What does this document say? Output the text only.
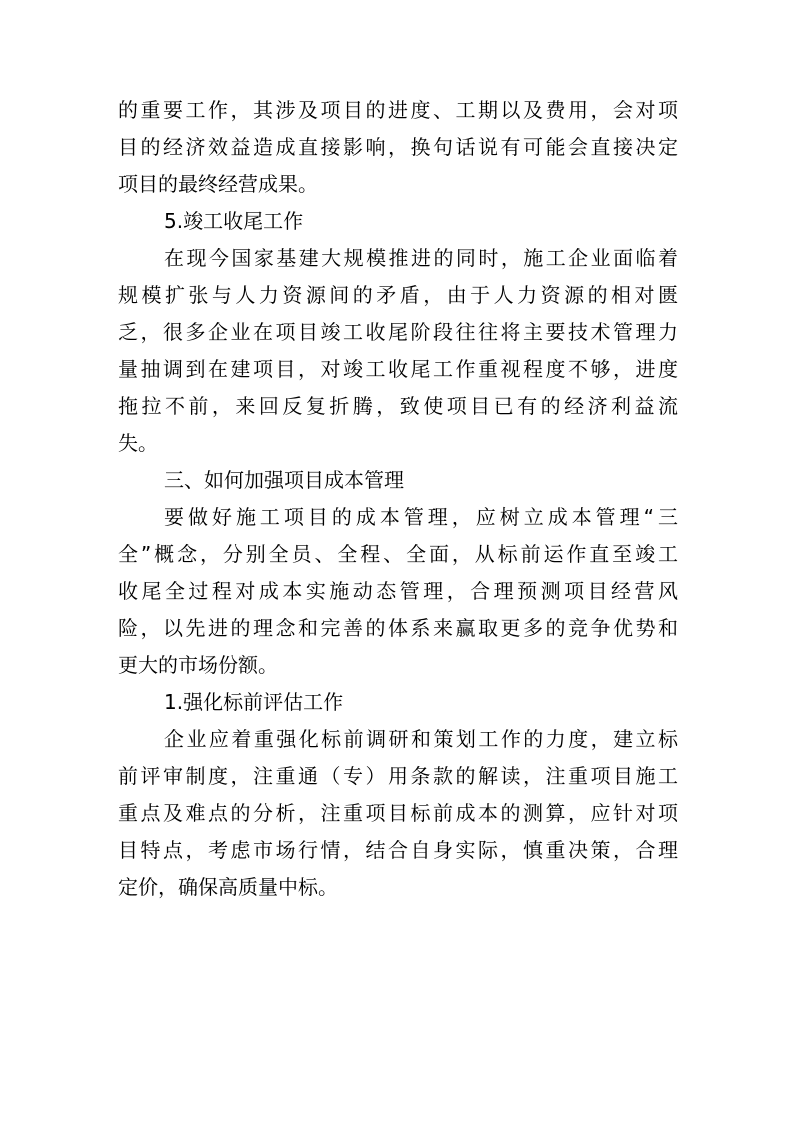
的重要工作，其涉及项目的进度、工期以及费用，会对项

目的经济效益造成直接影响，换句话说有可能会直接决定

项目的最终经营成果。

5.竣工收尾工作

在现今国家基建大规模推进的同时，施工企业面临着

规模扩张与人力资源间的矛盾，由于人力资源的相对匮

乏，很多企业在项目竣工收尾阶段往往将主要技术管理力

量抽调到在建项目，对竣工收尾工作重视程度不够，进度

拖拉不前，来回反复折腾，致使项目已有的经济利益流

失。

三、如何加强项目成本管理

要做好施工项目的成本管理，应树立成本管理“三

全”概念，分别全员、全程、全面，从标前运作直至竣工

收尾全过程对成本实施动态管理，合理预测项目经营风

险，以先进的理念和完善的体系来赢取更多的竞争优势和

更大的市场份额。

1.强化标前评估工作

企业应着重强化标前调研和策划工作的力度，建立标

前评审制度，注重通（专）用条款的解读，注重项目施工

重点及难点的分析，注重项目标前成本的测算，应针对项

目特点，考虑市场行情，结合自身实际，慎重决策，合理

定价，确保高质量中标。
